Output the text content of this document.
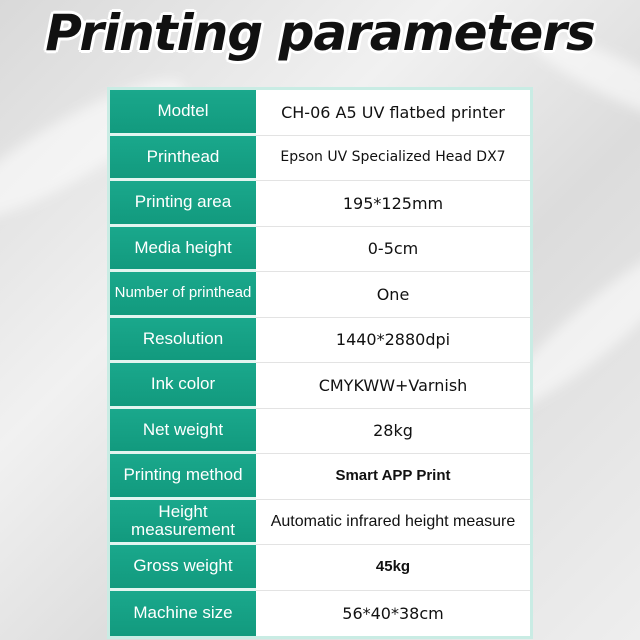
Printing parameters
Modtel	CH-06 A5 UV flatbed printer
Printhead	Epson UV Specialized Head DX7
Printing area	195*125mm
Media height	0-5cm
Number of printhead	One
Resolution	1440*2880dpi
Ink color	CMYKWW+Varnish
Net weight	28kg
Printing method	Smart APP Print
Height measurement	Automatic infrared height measure
Gross weight	45kg
Machine size	56*40*38cm
